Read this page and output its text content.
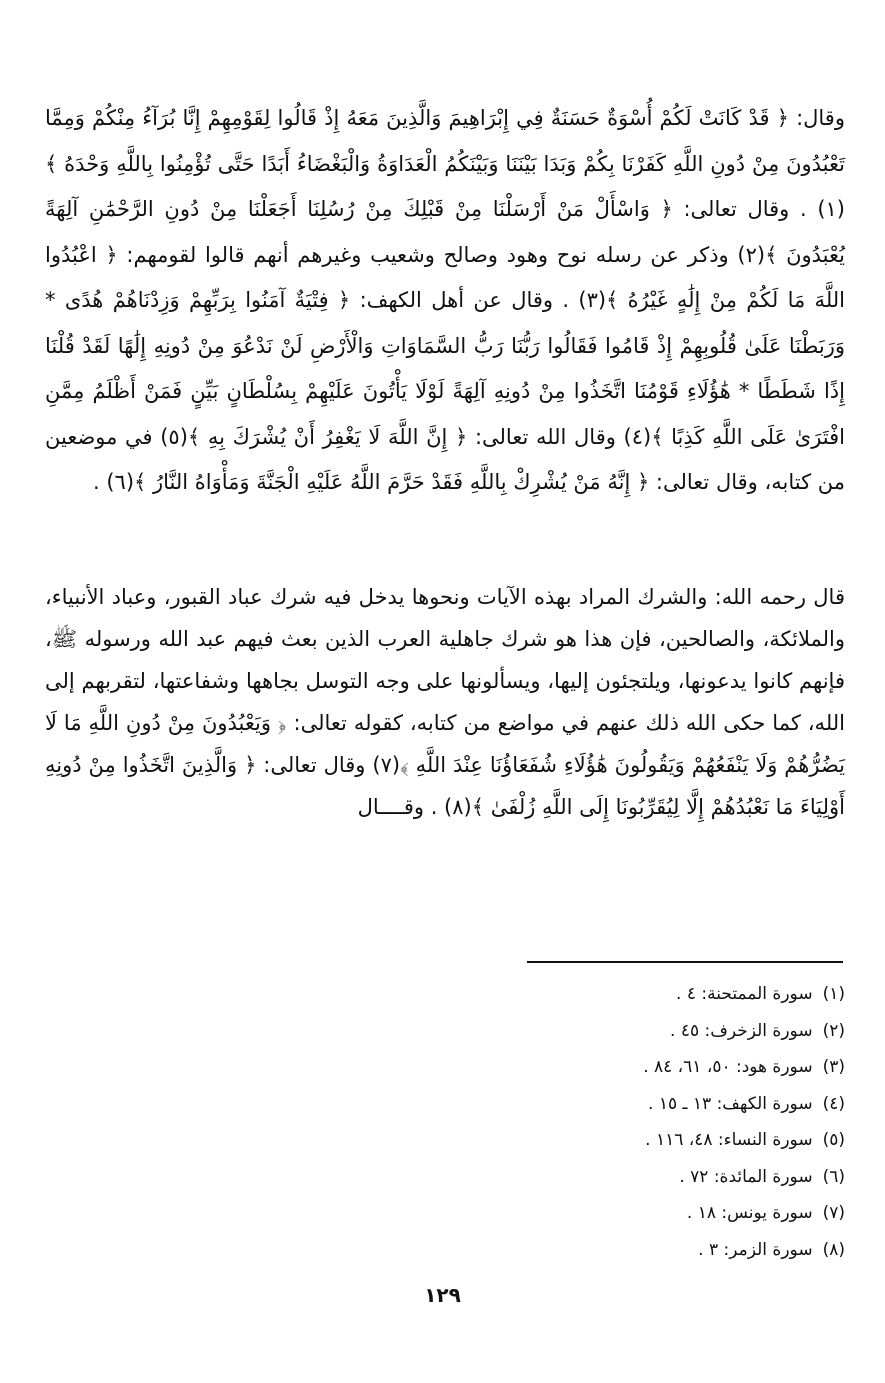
وقال: ﴿ قَدْ كَانَتْ لَكُمْ أُسْوَةٌ حَسَنَةٌ فِي إِبْرَاهِيمَ وَالَّذِينَ مَعَهُ إِذْ قَالُوا لِقَوْمِهِمْ إِنَّا بُرَآءُ مِنْكُمْ وَمِمَّا تَعْبُدُونَ مِنْ دُونِ اللَّهِ كَفَرْنَا بِكُمْ وَبَدَا بَيْنَنَا وَبَيْنَكُمُ الْعَدَاوَةُ وَالْبَغْضَاءُ أَبَدًا حَتَّى تُؤْمِنُوا بِاللَّهِ وَحْدَهُ ﴾(١) . وقال تعالى: ﴿ وَاسْأَلْ مَنْ أَرْسَلْنَا مِنْ قَبْلِكَ مِنْ رُسُلِنَا أَجَعَلْنَا مِنْ دُونِ الرَّحْمَٰنِ آلِهَةً يُعْبَدُونَ ﴾(٢) وذكر عن رسله نوح وهود وصالح وشعيب وغيرهم أنهم قالوا لقومهم: ﴿ اعْبُدُوا اللَّهَ مَا لَكُمْ مِنْ إِلَٰهٍ غَيْرُهُ ﴾(٣) . وقال عن أهل الكهف: ﴿ فِتْيَةٌ آمَنُوا بِرَبِّهِمْ وَزِدْنَاهُمْ هُدًى * وَرَبَطْنَا عَلَىٰ قُلُوبِهِمْ إِذْ قَامُوا فَقَالُوا رَبُّنَا رَبُّ السَّمَاوَاتِ وَالْأَرْضِ لَنْ نَدْعُوَ مِنْ دُونِهِ إِلَٰهًا لَقَدْ قُلْنَا إِذًا شَطَطًا * هَٰؤُلَاءِ قَوْمُنَا اتَّخَذُوا مِنْ دُونِهِ آلِهَةً لَوْلَا يَأْتُونَ عَلَيْهِمْ بِسُلْطَانٍ بَيِّنٍ فَمَنْ أَظْلَمُ مِمَّنِ افْتَرَىٰ عَلَى اللَّهِ كَذِبًا ﴾(٤) وقال الله تعالى: ﴿ إِنَّ اللَّهَ لَا يَغْفِرُ أَنْ يُشْرَكَ بِهِ ﴾(٥) في موضعين من كتابه، وقال تعالى: ﴿ إِنَّهُ مَنْ يُشْرِكْ بِاللَّهِ فَقَدْ حَرَّمَ اللَّهُ عَلَيْهِ الْجَنَّةَ وَمَأْوَاهُ النَّارُ ﴾(٦) .

قال رحمه الله: والشرك المراد بهذه الآيات ونحوها يدخل فيه شرك عباد القبور، وعباد الأنبياء، والملائكة، والصالحين، فإن هذا هو شرك جاهلية العرب الذين بعث فيهم عبد الله ورسوله ﷺ، فإنهم كانوا يدعونها، ويلتجئون إليها، ويسألونها على وجه التوسل بجاهها وشفاعتها، لتقربهم إلى الله، كما حكى الله ذلك عنهم في مواضع من كتابه، كقوله تعالى: ﴿ وَيَعْبُدُونَ مِنْ دُونِ اللَّهِ مَا لَا يَضُرُّهُمْ وَلَا يَنْفَعُهُمْ وَيَقُولُونَ هَٰؤُلَاءِ شُفَعَاؤُنَا عِنْدَ اللَّهِ ﴾(٧) وقال تعالى: ﴿ وَالَّذِينَ اتَّخَذُوا مِنْ دُونِهِ أَوْلِيَاءَ مَا نَعْبُدُهُمْ إِلَّا لِيُقَرِّبُونَا إِلَى اللَّهِ زُلْفَىٰ ﴾(٨) . وقــــال

(١)سورة الممتحنة: ٤ .
(٢)سورة الزخرف: ٤٥ .
(٣)سورة هود: ٥٠، ٦١، ٨٤ .
(٤)سورة الكهف: ١٣ ـ ١٥ .
(٥)سورة النساء: ٤٨، ١١٦ .
(٦)سورة المائدة: ٧٢ .
(٧)سورة يونس: ١٨ .
(٨)سورة الزمر: ٣ .
١٢٩
